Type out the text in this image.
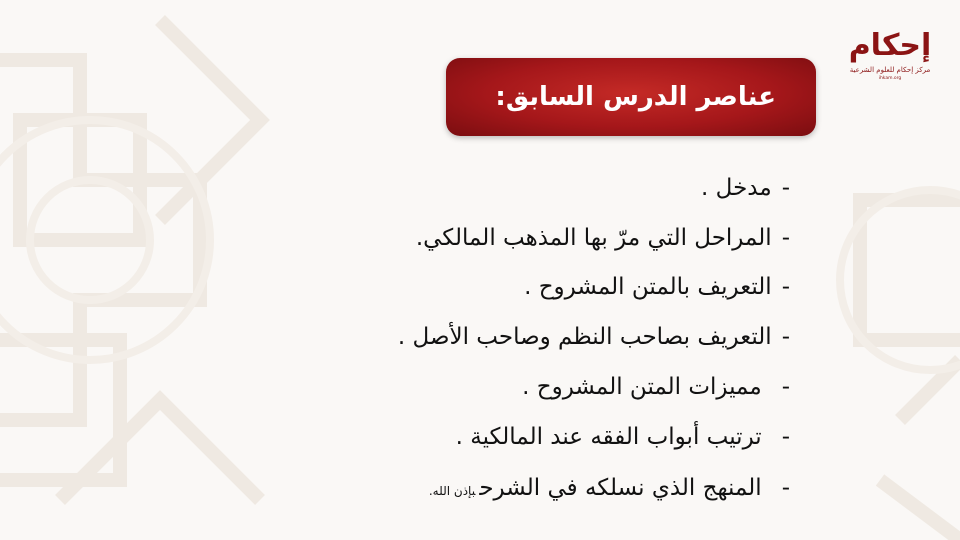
إحكام
مركز إحكام للعلوم الشرعية
ihkam.org
عناصر الدرس السابق:
-مدخل .
-المراحل التي مرّ بها المذهب المالكي.
-التعريف بالمتن المشروح .
-التعريف بصاحب النظم وصاحب الأصل .
-مميزات المتن المشروح .
-ترتيب أبواب الفقه عند المالكية .
-المنهج الذي نسلكه في الشرحبإذن الله.
